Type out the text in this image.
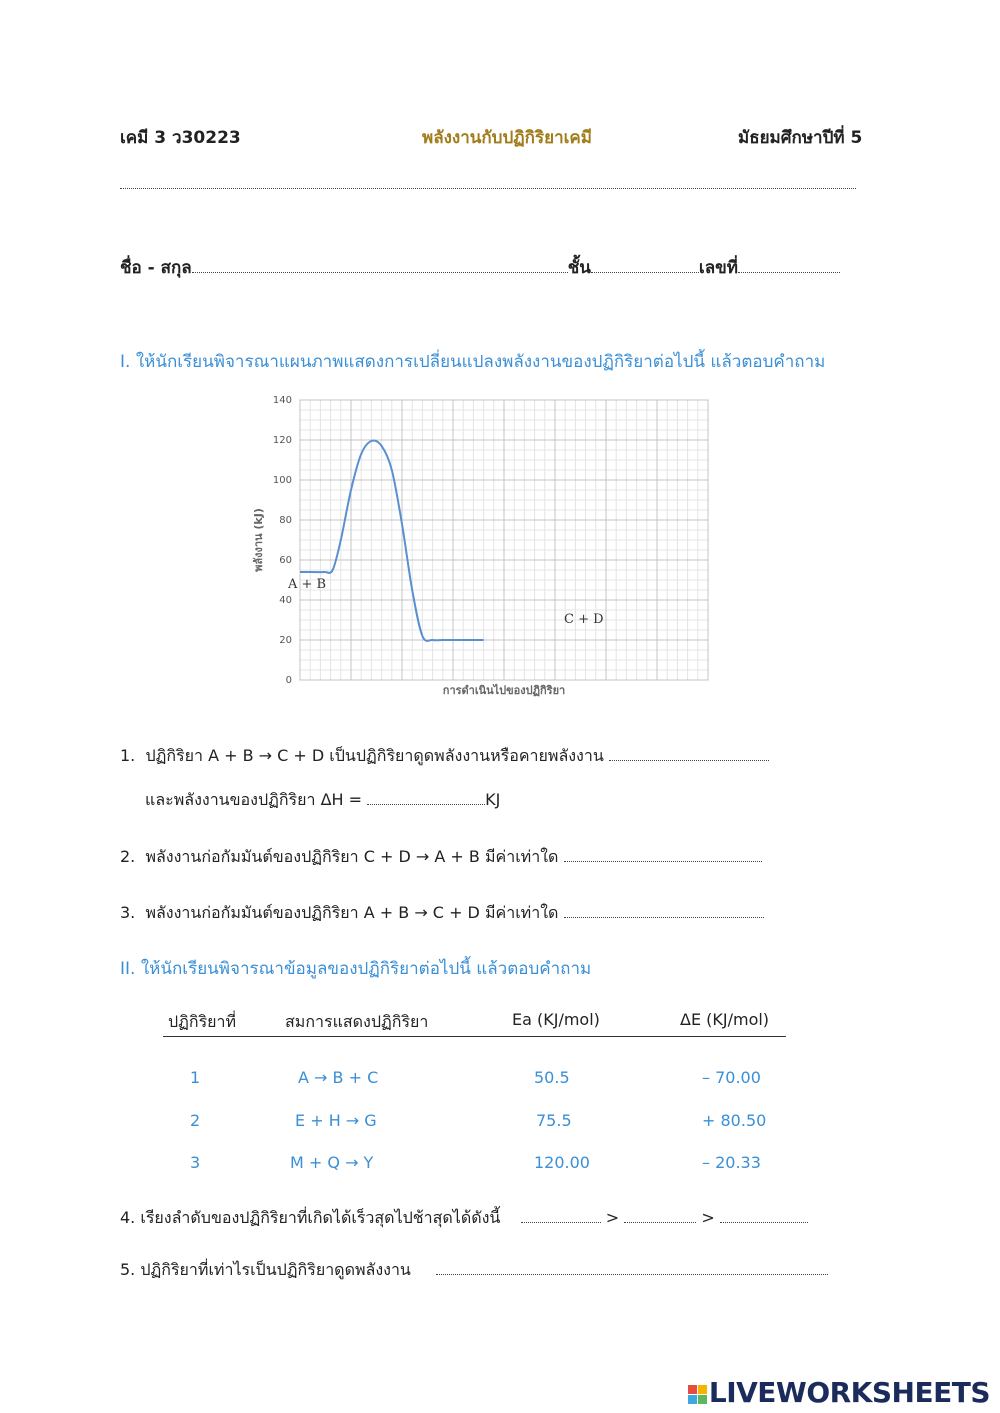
เคมี 3 ว30223	พลังงานกับปฏิกิริยาเคมี	มัธยมศึกษาปีที่ 5
ชื่อ - สกุล	ชั้น	เลขที่
I. ให้นักเรียนพิจารณาแผนภาพแสดงการเปลี่ยนแปลงพลังงานของปฏิกิริยาต่อไปนี้ แล้วตอบคำถาม
0
20
40
60
80
100
120
140
A + B
C + D
การดำเนินไปของปฏิกิริยา
พลังงาน (kJ)
1. ปฏิกิริยา A + B → C + D เป็นปฏิกิริยาดูดพลังงานหรือคายพลังงาน
และพลังงานของปฏิกิริยา ΔH =	KJ
2. พลังงานก่อกัมมันต์ของปฏิกิริยา C + D → A + B มีค่าเท่าใด
3. พลังงานก่อกัมมันต์ของปฏิกิริยา A + B → C + D มีค่าเท่าใด
II. ให้นักเรียนพิจารณาข้อมูลของปฏิกิริยาต่อไปนี้ แล้วตอบคำถาม
ปฏิกิริยาที่	สมการแสดงปฏิกิริยา	Ea (KJ/mol)	ΔE (KJ/mol)
1	A → B + C	50.5	– 70.00
2	E + H → G	75.5	+ 80.50
3	M + Q → Y	120.00	– 20.33
4. เรียงลำดับของปฏิกิริยาที่เกิดได้เร็วสุดไปช้าสุดได้ดังนี้	>	>
5. ปฏิกิริยาที่เท่าไรเป็นปฏิกิริยาดูดพลังงาน
LIVEWORKSHEETS
